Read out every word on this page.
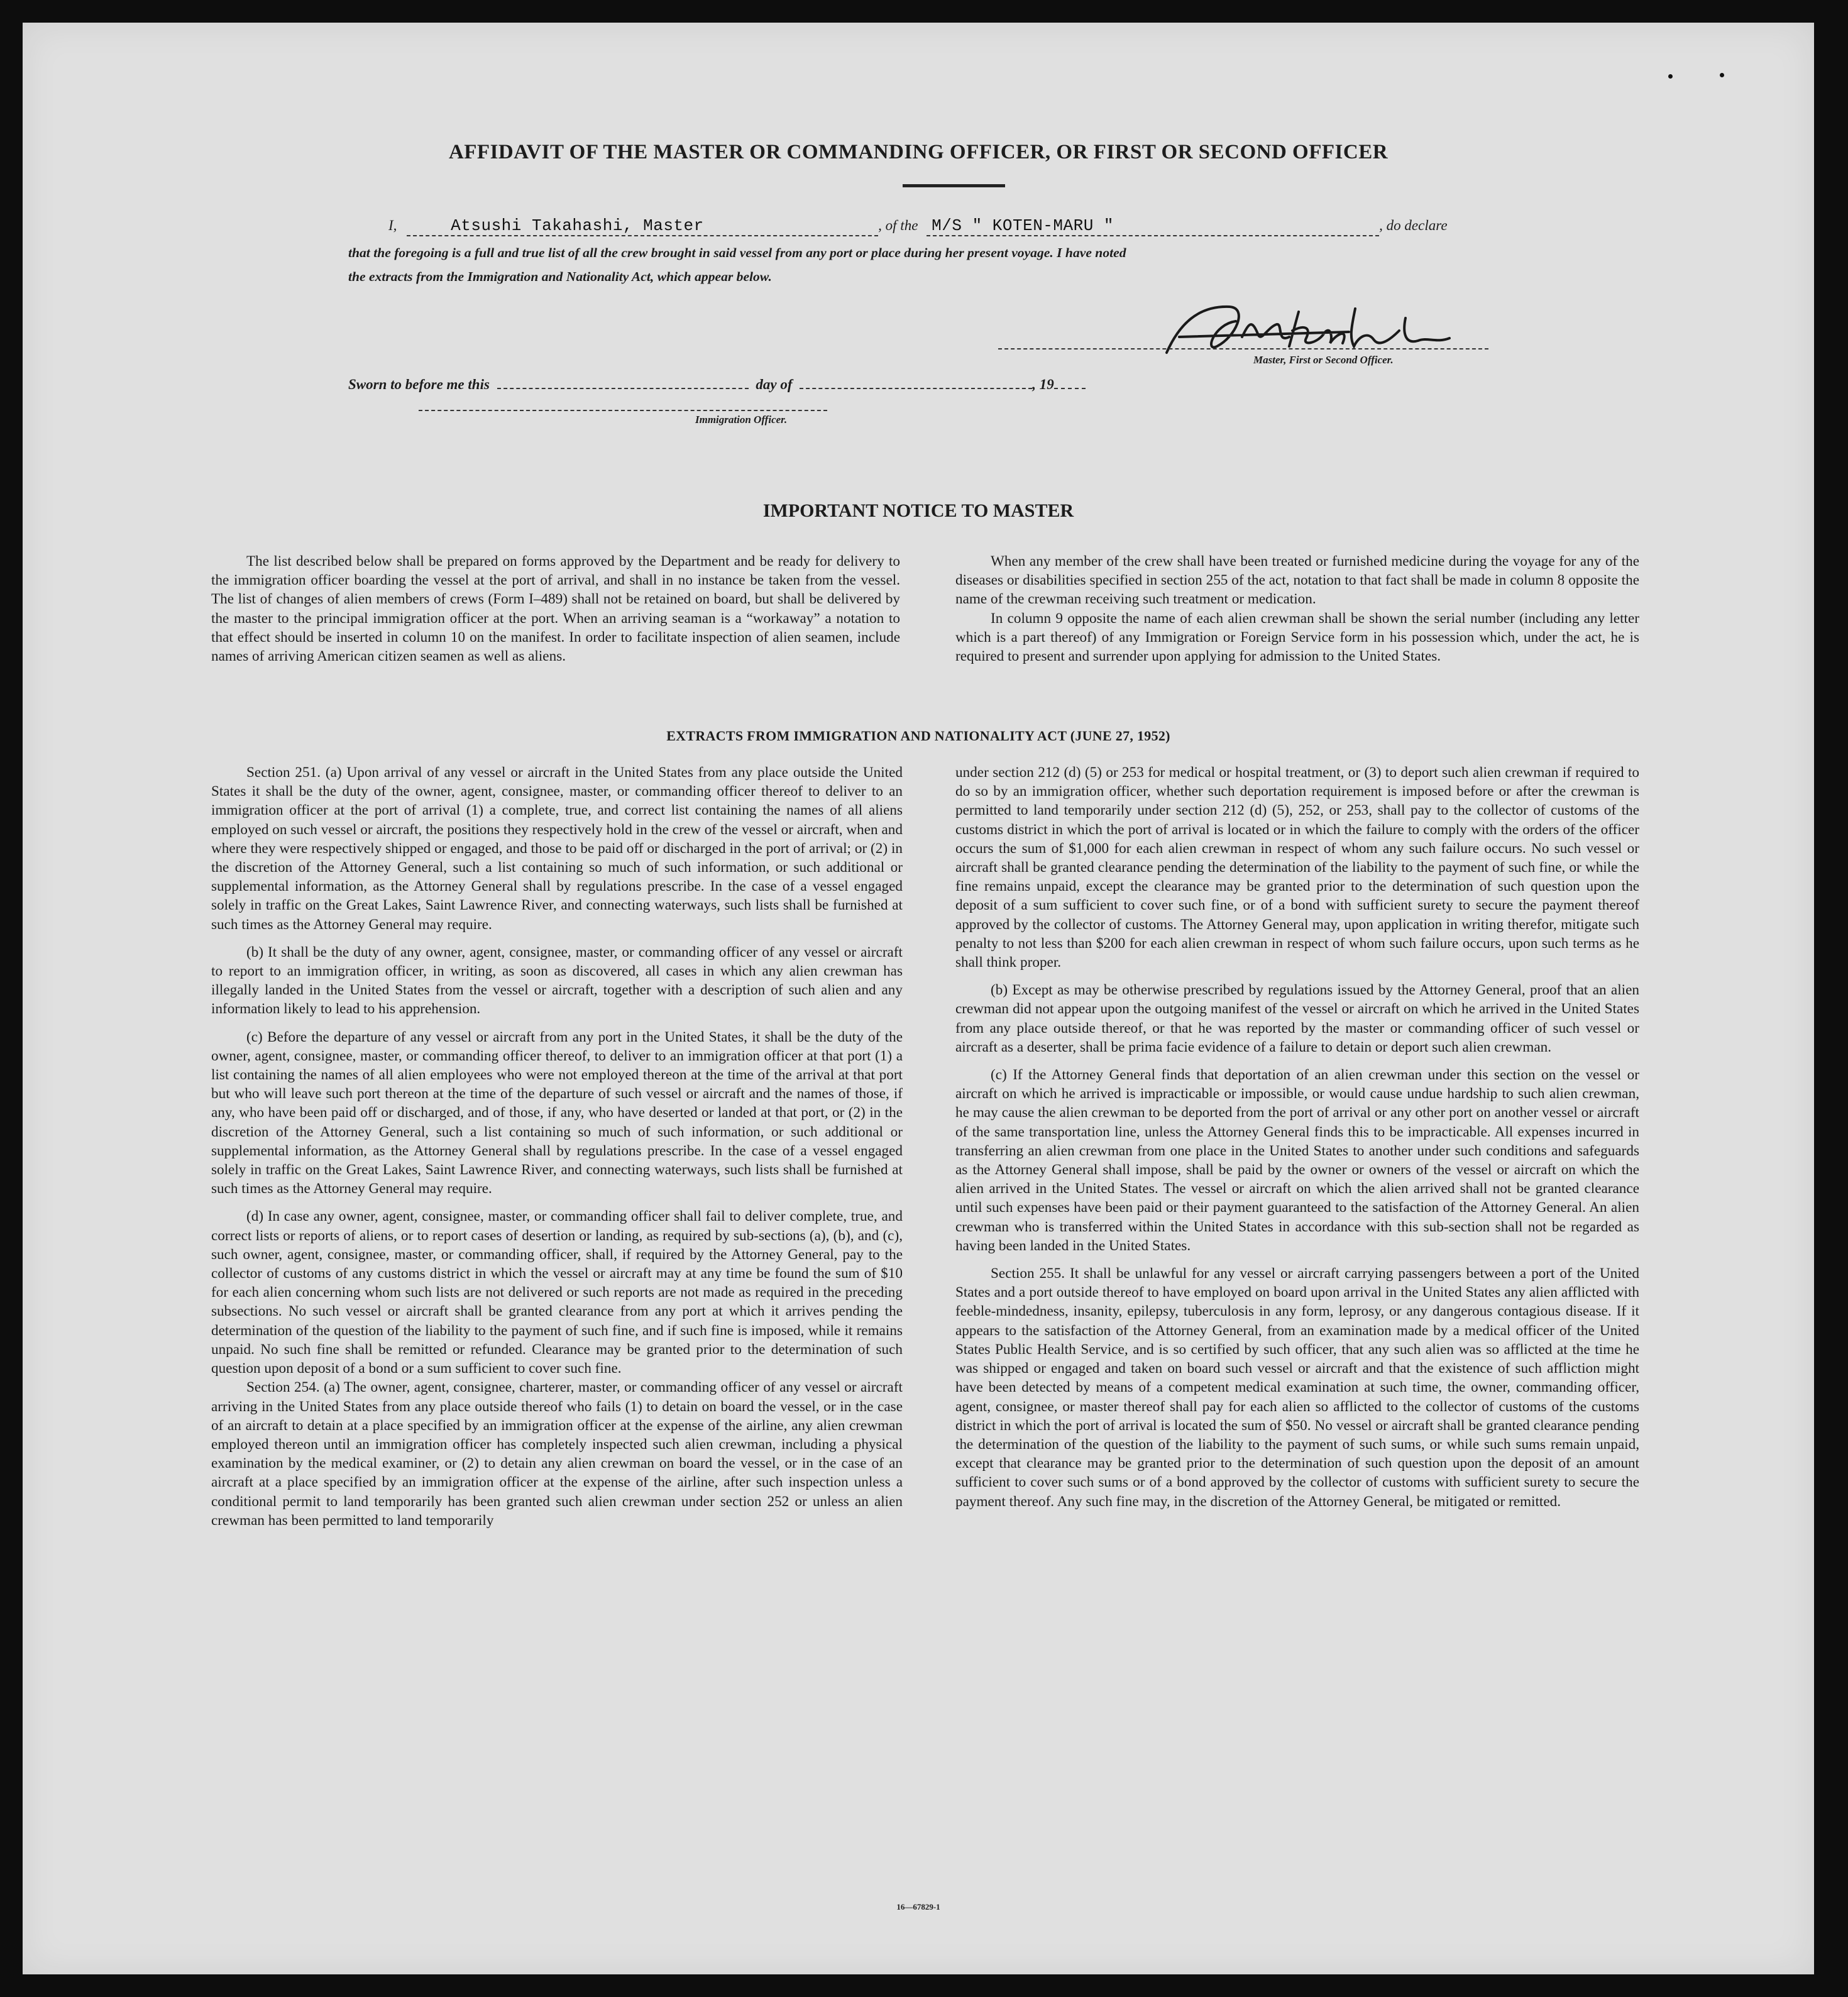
AFFIDAVIT OF THE MASTER OR COMMANDING OFFICER, OR FIRST OR SECOND OFFICER
I,	Atsushi Takahashi, Master	, of the M/S " KOTEN-MARU "	, do declare
that the foregoing is a full and true list of all the crew brought in said vessel from any port or place during her present voyage. I have noted
the extracts from the Immigration and Nationality Act, which appear below.
Master, First or Second Officer.
Sworn to before me this	day of	, 19
Immigration Officer.
IMPORTANT NOTICE TO MASTER

The list described below shall be prepared on forms approved by the Department and be ready for delivery to the immigration officer boarding the vessel at the port of arrival, and shall in no instance be taken from the vessel. The list of changes of alien members of crews (Form I–489) shall not be retained on board, but shall be delivered by the master to the principal immigration officer at the port. When an arriving seaman is a “workaway” a notation to that effect should be inserted in column 10 on the manifest. In order to facilitate inspection of alien seamen, include names of arriving American citizen seamen as well as aliens.

When any member of the crew shall have been treated or furnished medicine during the voyage for any of the diseases or disabilities specified in section 255 of the act, notation to that fact shall be made in column 8 opposite the name of the crewman receiving such treatment or medication.

In column 9 opposite the name of each alien crewman shall be shown the serial number (including any letter which is a part thereof) of any Immigration or Foreign Service form in his possession which, under the act, he is required to present and surrender upon applying for admission to the United States.

EXTRACTS FROM IMMIGRATION AND NATIONALITY ACT (JUNE 27, 1952)

Section 251. (a) Upon arrival of any vessel or aircraft in the United States from any place outside the United States it shall be the duty of the owner, agent, consignee, master, or commanding officer thereof to deliver to an immigration officer at the port of arrival (1) a complete, true, and correct list containing the names of all aliens employed on such vessel or aircraft, the positions they respectively hold in the crew of the vessel or aircraft, when and where they were respectively shipped or engaged, and those to be paid off or discharged in the port of arrival; or (2) in the discretion of the Attorney General, such a list containing so much of such information, or such additional or supplemental information, as the Attorney General shall by regulations prescribe. In the case of a vessel engaged solely in traffic on the Great Lakes, Saint Lawrence River, and connecting waterways, such lists shall be furnished at such times as the Attorney General may require.

(b) It shall be the duty of any owner, agent, consignee, master, or commanding officer of any vessel or aircraft to report to an immigration officer, in writing, as soon as discovered, all cases in which any alien crewman has illegally landed in the United States from the vessel or aircraft, together with a description of such alien and any information likely to lead to his apprehension.

(c) Before the departure of any vessel or aircraft from any port in the United States, it shall be the duty of the owner, agent, consignee, master, or commanding officer thereof, to deliver to an immigration officer at that port (1) a list containing the names of all alien employees who were not employed thereon at the time of the arrival at that port but who will leave such port thereon at the time of the departure of such vessel or aircraft and the names of those, if any, who have been paid off or discharged, and of those, if any, who have deserted or landed at that port, or (2) in the discretion of the Attorney General, such a list containing so much of such information, or such additional or supplemental information, as the Attorney General shall by regulations prescribe. In the case of a vessel engaged solely in traffic on the Great Lakes, Saint Lawrence River, and connecting waterways, such lists shall be furnished at such times as the Attorney General may require.

(d) In case any owner, agent, consignee, master, or commanding officer shall fail to deliver complete, true, and correct lists or reports of aliens, or to report cases of desertion or landing, as required by sub-sections (a), (b), and (c), such owner, agent, consignee, master, or commanding officer, shall, if required by the Attorney General, pay to the collector of customs of any customs district in which the vessel or aircraft may at any time be found the sum of $10 for each alien concerning whom such lists are not delivered or such reports are not made as required in the preceding subsections. No such vessel or aircraft shall be granted clearance from any port at which it arrives pending the determination of the question of the liability to the payment of such fine, and if such fine is imposed, while it remains unpaid. No such fine shall be remitted or refunded. Clearance may be granted prior to the determination of such question upon deposit of a bond or a sum sufficient to cover such fine.

Section 254. (a) The owner, agent, consignee, charterer, master, or commanding officer of any vessel or aircraft arriving in the United States from any place outside thereof who fails (1) to detain on board the vessel, or in the case of an aircraft to detain at a place specified by an immigration officer at the expense of the airline, any alien crewman employed thereon until an immigration officer has completely inspected such alien crewman, including a physical examination by the medical examiner, or (2) to detain any alien crewman on board the vessel, or in the case of an aircraft at a place specified by an immigration officer at the expense of the airline, after such inspection unless a conditional permit to land temporarily has been granted such alien crewman under section 252 or unless an alien crewman has been permitted to land temporarily

under section 212 (d) (5) or 253 for medical or hospital treatment, or (3) to deport such alien crewman if required to do so by an immigration officer, whether such deportation requirement is imposed before or after the crewman is permitted to land temporarily under section 212 (d) (5), 252, or 253, shall pay to the collector of customs of the customs district in which the port of arrival is located or in which the failure to comply with the orders of the officer occurs the sum of $1,000 for each alien crewman in respect of whom any such failure occurs. No such vessel or aircraft shall be granted clearance pending the determination of the liability to the payment of such fine, or while the fine remains unpaid, except the clearance may be granted prior to the determination of such question upon the deposit of a sum sufficient to cover such fine, or of a bond with sufficient surety to secure the payment thereof approved by the collector of customs. The Attorney General may, upon application in writing therefor, mitigate such penalty to not less than $200 for each alien crewman in respect of whom such failure occurs, upon such terms as he shall think proper.

(b) Except as may be otherwise prescribed by regulations issued by the Attorney General, proof that an alien crewman did not appear upon the outgoing manifest of the vessel or aircraft on which he arrived in the United States from any place outside thereof, or that he was reported by the master or commanding officer of such vessel or aircraft as a deserter, shall be prima facie evidence of a failure to detain or deport such alien crewman.

(c) If the Attorney General finds that deportation of an alien crewman under this section on the vessel or aircraft on which he arrived is impracticable or impossible, or would cause undue hardship to such alien crewman, he may cause the alien crewman to be deported from the port of arrival or any other port on another vessel or aircraft of the same transportation line, unless the Attorney General finds this to be impracticable. All expenses incurred in transferring an alien crewman from one place in the United States to another under such conditions and safeguards as the Attorney General shall impose, shall be paid by the owner or owners of the vessel or aircraft on which the alien arrived in the United States. The vessel or aircraft on which the alien arrived shall not be granted clearance until such expenses have been paid or their payment guaranteed to the satisfaction of the Attorney General. An alien crewman who is transferred within the United States in accordance with this sub-section shall not be regarded as having been landed in the United States.

Section 255. It shall be unlawful for any vessel or aircraft carrying passengers between a port of the United States and a port outside thereof to have employed on board upon arrival in the United States any alien afflicted with feeble-mindedness, insanity, epilepsy, tuberculosis in any form, leprosy, or any dangerous contagious disease. If it appears to the satisfaction of the Attorney General, from an examination made by a medical officer of the United States Public Health Service, and is so certified by such officer, that any such alien was so afflicted at the time he was shipped or engaged and taken on board such vessel or aircraft and that the existence of such affliction might have been detected by means of a competent medical examination at such time, the owner, commanding officer, agent, consignee, or master thereof shall pay for each alien so afflicted to the collector of customs of the customs district in which the port of arrival is located the sum of $50. No vessel or aircraft shall be granted clearance pending the determination of the question of the liability to the payment of such sums, or while such sums remain unpaid, except that clearance may be granted prior to the determination of such question upon the deposit of an amount sufficient to cover such sums or of a bond approved by the collector of customs with sufficient surety to secure the payment thereof. Any such fine may, in the discretion of the Attorney General, be mitigated or remitted.

16—67829-1
